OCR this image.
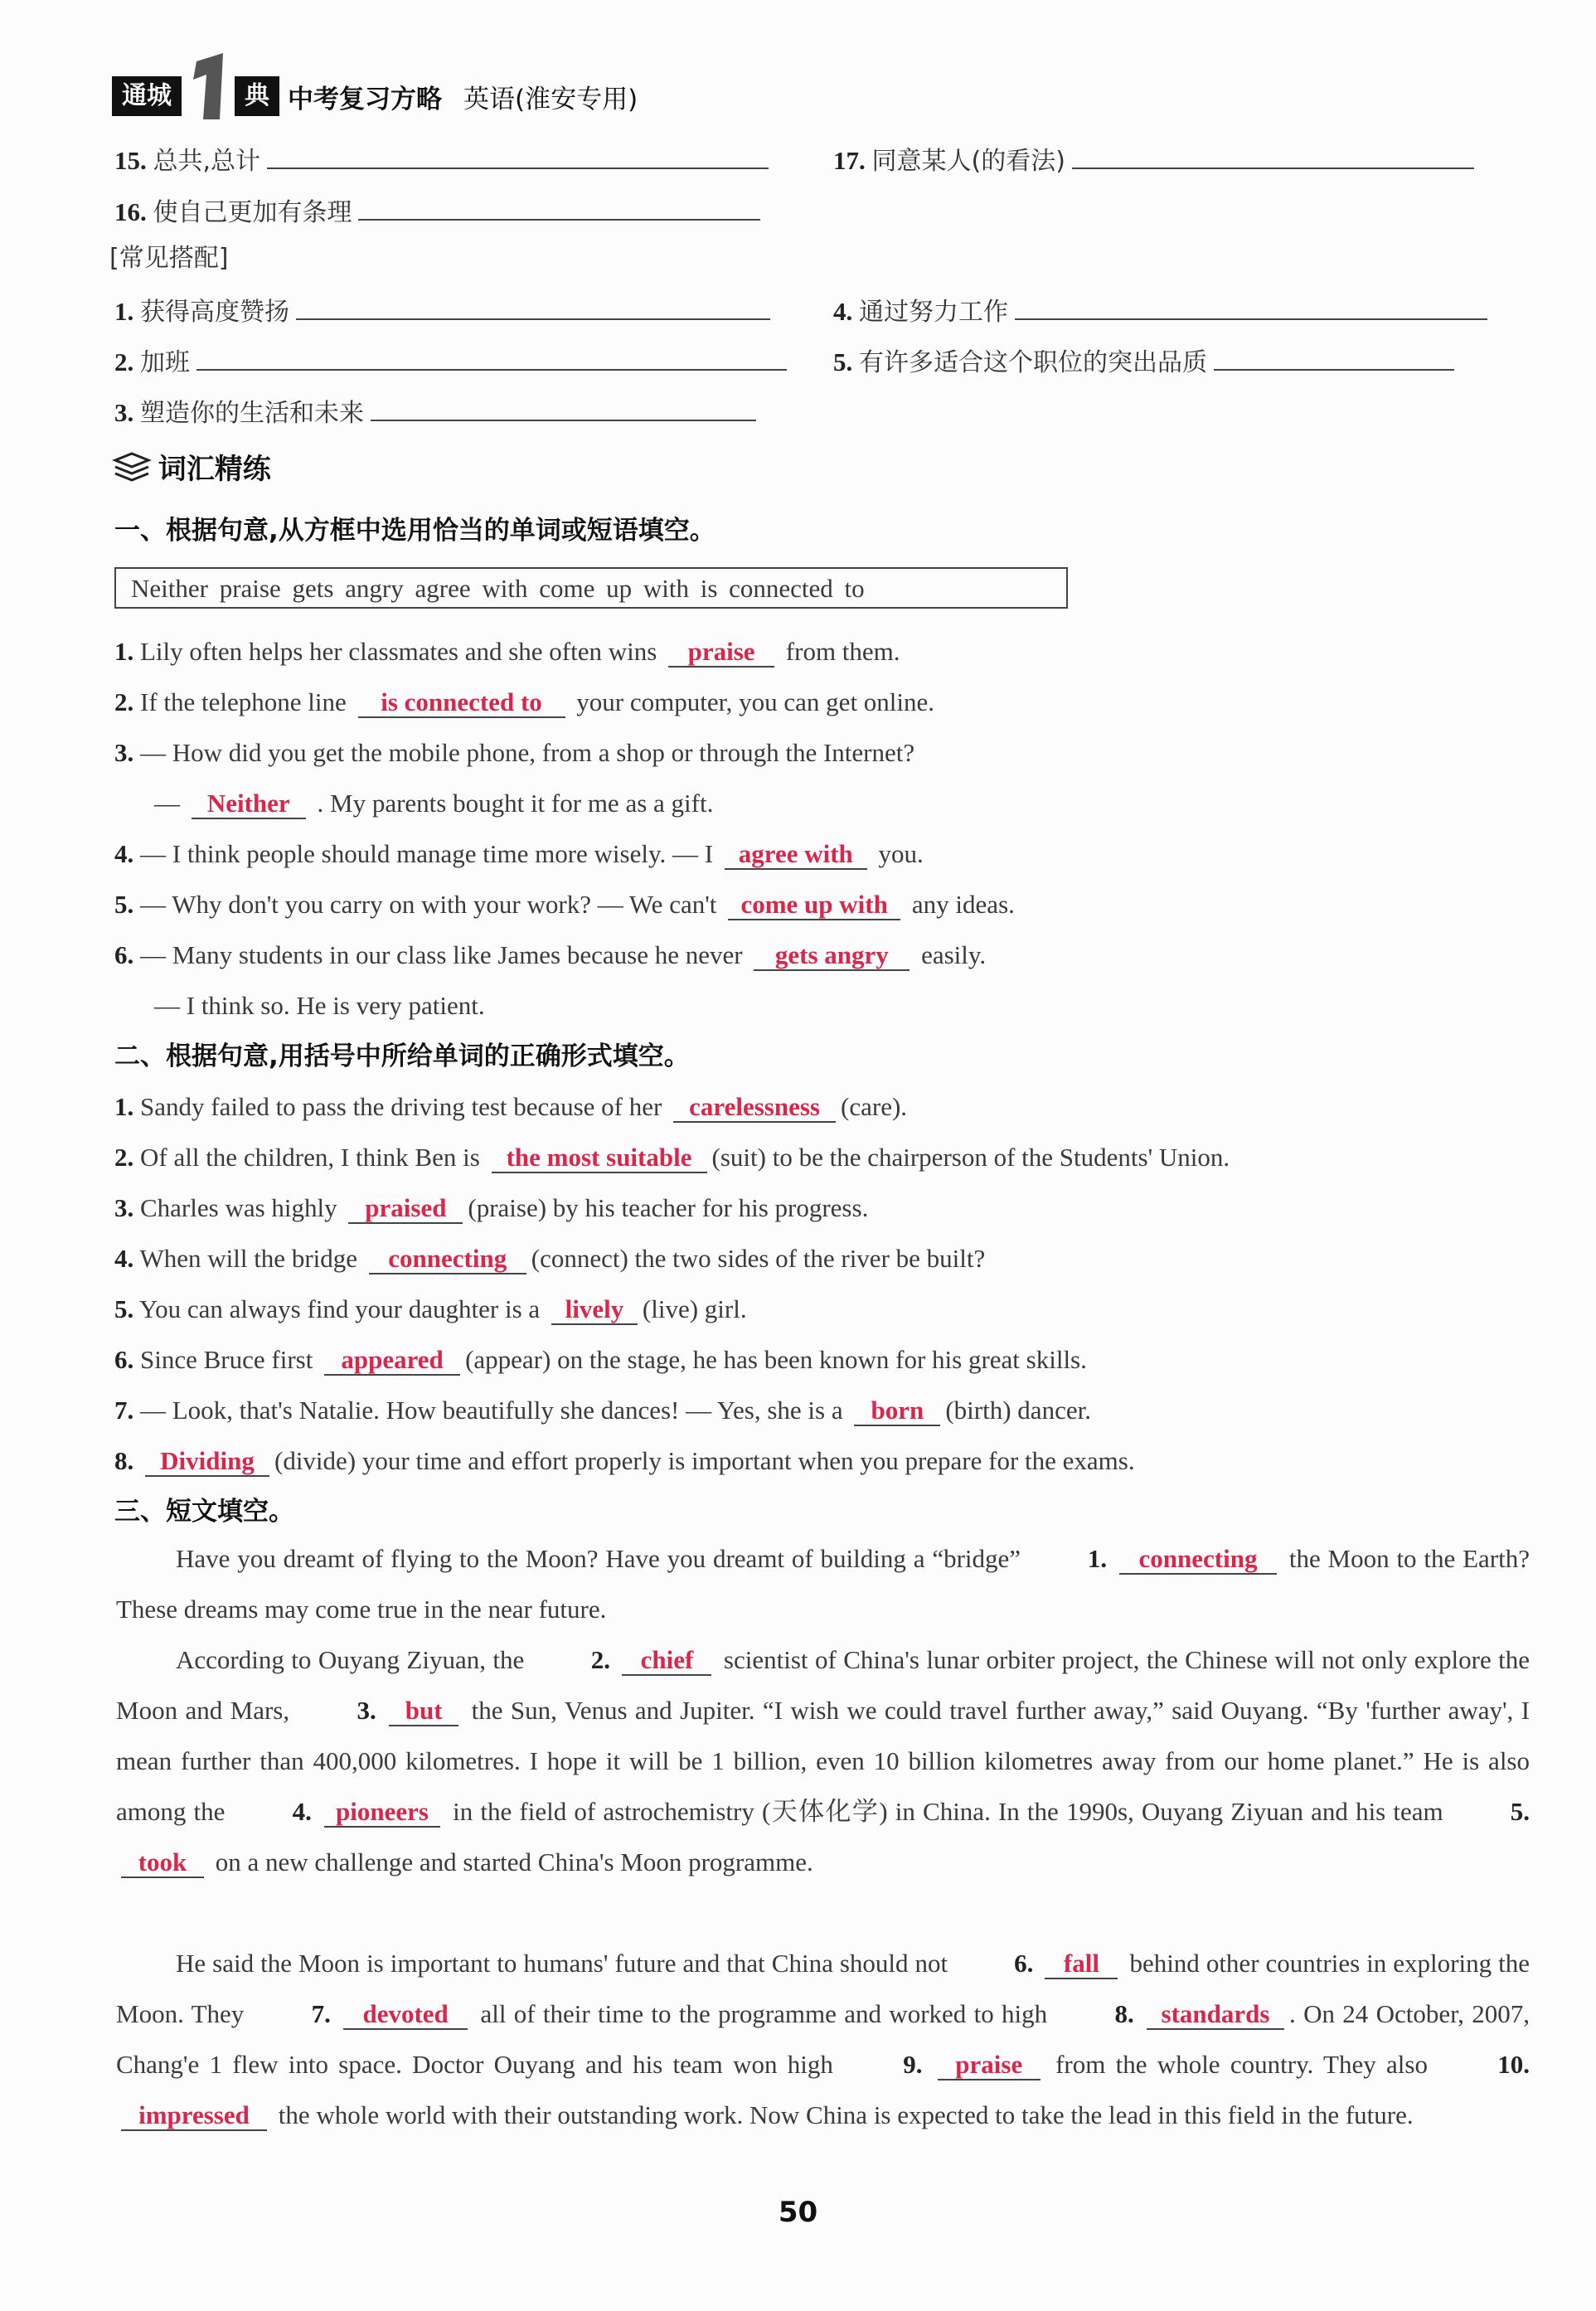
通城	典 中考复习方略 英语(淮安专用)
15. 总共,总计	17. 同意某人(的看法)
16. 使自己更加有条理
[常见搭配]
1. 获得高度赞扬	4. 通过努力工作
2. 加班	5. 有许多适合这个职位的突出品质
3. 塑造你的生活和未来
词汇精练
一、根据句意,从方框中选用恰当的单词或短语填空。
Neither praise gets angry agree with come up with is connected to
1. Lily often helps her classmates and she often wins praise from them.
2. If the telephone line is connected to your computer, you can get online.
3. — How did you get the mobile phone, from a shop or through the Internet?
— Neither . My parents bought it for me as a gift.
4. — I think people should manage time more wisely. — I agree with you.
5. — Why don't you carry on with your work? — We can't come up with any ideas.
6. — Many students in our class like James because he never gets angry easily.
— I think so. He is very patient.
二、根据句意,用括号中所给单词的正确形式填空。
1. Sandy failed to pass the driving test because of her carelessness (care).
2. Of all the children, I think Ben is the most suitable (suit) to be the chairperson of the Students' Union.
3. Charles was highly praised (praise) by his teacher for his progress.
4. When will the bridge connecting (connect) the two sides of the river be built?
5. You can always find your daughter is a lively (live) girl.
6. Since Bruce first appeared (appear) on the stage, he has been known for his great skills.
7. — Look, that's Natalie. How beautifully she dances! — Yes, she is a born (birth) dancer.
8. Dividing (divide) your time and effort properly is important when you prepare for the exams.
三、短文填空。
Have you dreamt of flying to the Moon? Have you dreamt of building a “bridge”	1. connecting the Moon to the Earth? These dreams may come true in the near future.
According to Ouyang Ziyuan, the	2. chief scientist of China's lunar orbiter project, the Chinese will not only explore the Moon and Mars,	3. but the Sun, Venus and Jupiter. “I wish we could travel further away,” said Ouyang. “By 'further away', I mean further than 400,000 kilometres. I hope it will be 1 billion, even 10 billion kilometres away from our home planet.” He is also among the	4. pioneers in the field of astrochemistry (天体化学) in China. In the 1990s, Ouyang Ziyuan and his team	5. took on a new challenge and started China's Moon programme.
He said the Moon is important to humans' future and that China should not	6. fall behind other countries in exploring the Moon. They	7. devoted all of their time to the programme and worked to high	8. standards . On 24 October, 2007, Chang'e 1 flew into space. Doctor Ouyang and his team won high	9. praise from the whole country. They also	10. impressed the whole world with their outstanding work. Now China is expected to take the lead in this field in the future.
50
